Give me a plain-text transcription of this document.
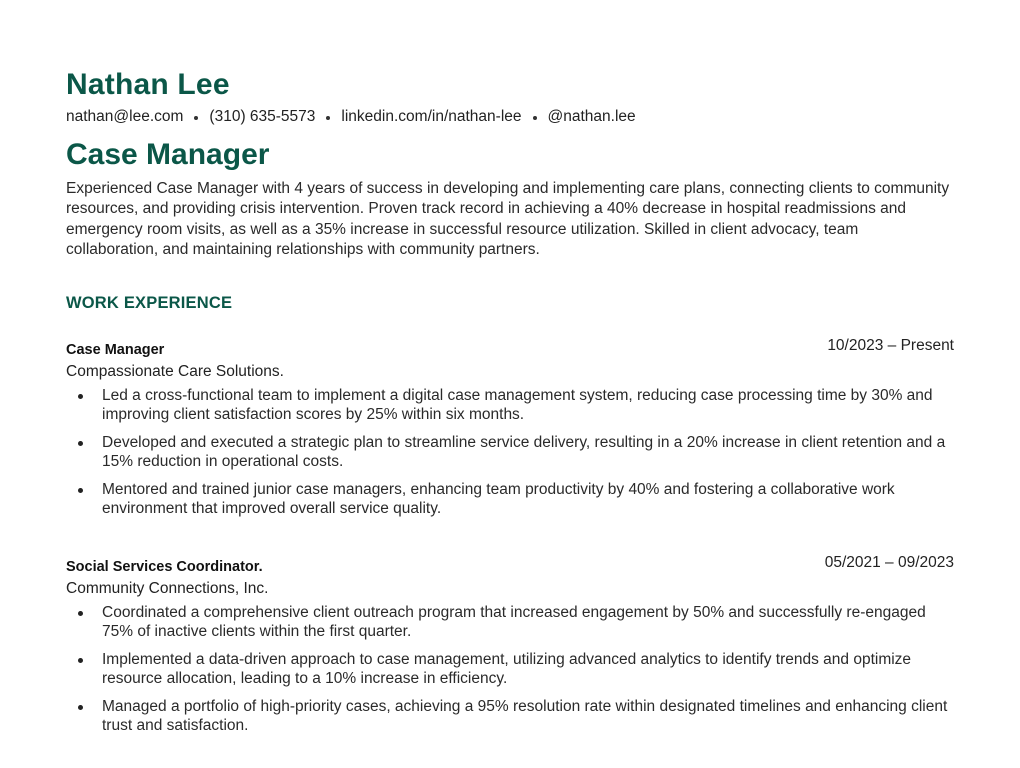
Nathan Lee
nathan@lee.com (310) 635-5573 linkedin.com/in/nathan-lee @nathan.lee
Case Manager

Experienced Case Manager with 4 years of success in developing and implementing care plans, connecting clients to community resources, and providing crisis intervention. Proven track record in achieving a 40% decrease in hospital readmissions and emergency room visits, as well as a 35% increase in successful resource utilization. Skilled in client advocacy, team collaboration, and maintaining relationships with community partners.

WORK EXPERIENCE
Case Manager	10/2023 – Present
Compassionate Care Solutions.
Led a cross-functional team to implement a digital case management system, reducing case processing time by 30% and improving client satisfaction scores by 25% within six months.
Developed and executed a strategic plan to streamline service delivery, resulting in a 20% increase in client retention and a 15% reduction in operational costs.
Mentored and trained junior case managers, enhancing team productivity by 40% and fostering a collaborative work environment that improved overall service quality.
Social Services Coordinator.	05/2021 – 09/2023
Community Connections, Inc.
Coordinated a comprehensive client outreach program that increased engagement by 50% and successfully re-engaged 75% of inactive clients within the first quarter.
Implemented a data-driven approach to case management, utilizing advanced analytics to identify trends and optimize resource allocation, leading to a 10% increase in efficiency.
Managed a portfolio of high-priority cases, achieving a 95% resolution rate within designated timelines and enhancing client trust and satisfaction.
